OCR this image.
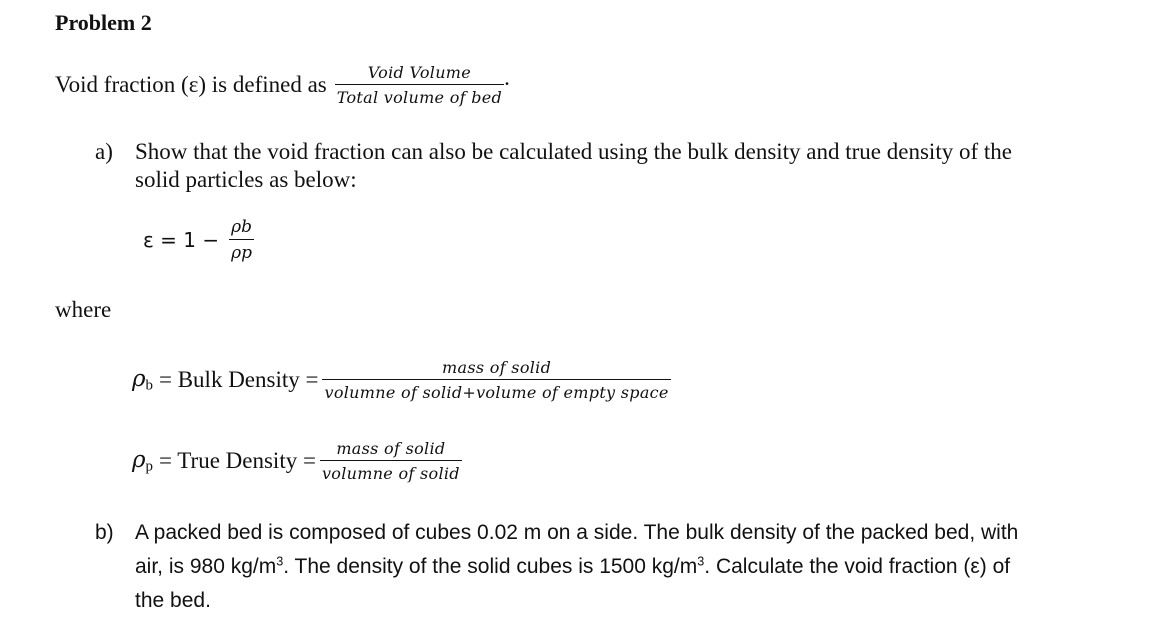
Problem 2
Void fraction (ε) is defined as $\frac{\text{Void Volume}}{\text{Total volume of bed}}$ .
a) Show that the void fraction can also be calculated using the bulk density and true density of the
solid particles as below:
$\varepsilon = 1 - \frac{\rho b}{\rho p}$
where
$\rho_b$ = Bulk Density = $\frac{\text{mass of solid}}{\text{volumne of solid+volume of empty space}}$
$\rho_p$ = True Density = $\frac{\text{mass of solid}}{\text{volumne of solid}}$
b) A packed bed is composed of cubes 0.02 m on a side. The bulk density of the packed bed, with
air, is 980 $kg/m^3$. The density of the solid cubes is 1500 $kg/m^3$. Calculate the void fraction (ε) of
the bed.
